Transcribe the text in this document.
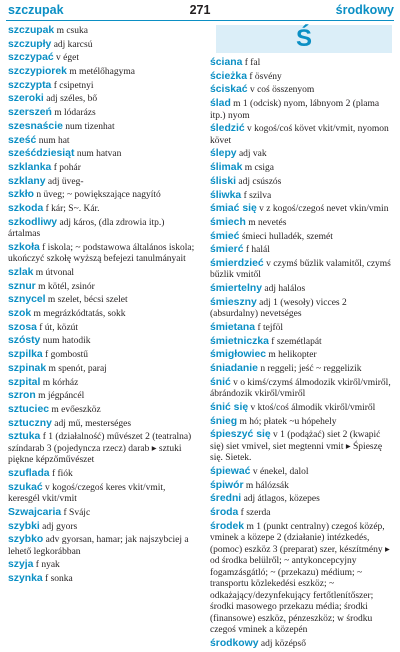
szczupak	271	środkowy
szczupak m csuka
szczupły adj karcsú
szczypać v éget
szczypiorek m metélőhagyma
szczypta f csipetnyi
szeroki adj széles, bő
szerszeń m lódarázs
szesnaście num tizenhat
sześć num hat
sześćdziesiąt num hatvan
szklanka f pohár
szklany adj üveg-
szkło n üveg; ~ powiększające nagyító
szkoda f kár; S~. Kár.
szkodliwy adj káros, (dla zdrowia itp.) ártalmas
szkoła f iskola; ~ podstawowa általános iskola; ukończyć szkołę wyższą befejezi tanulmányait
szlak m útvonal
sznur m kötél, zsinór
sznycel m szelet, bécsi szelet
szok m megrázkódtatás, sokk
szosa f út, közút
szósty num hatodik
szpilka f gombostű
szpinak m spenót, paraj
szpital m kórház
szron m jégpáncél
sztuciec m evőeszköz
sztuczny adj mű, mesterséges
sztuka f 1 (działalność) művészet 2 (teatralna) színdarab 3 (pojedyncza rzecz) darab ▸ sztuki piękne képzőművészet
szuflada f fiók
szukać v kogoś/czegoś keres vkit/vmit, keresgél vkit/vmit
Szwajcaria f Svájc
szybki adj gyors
szybko adv gyorsan, hamar; jak najszybciej a lehető legkorábban
szyja f nyak
szynka f sonka
Ś
ściana f fal
ścieżka f ösvény
ściskać v coś összenyom
ślad m 1 (odcisk) nyom, lábnyom 2 (plama itp.) nyom
śledzić v kogoś/coś követ vkit/vmit, nyomon követ
ślepy adj vak
ślimak m csiga
śliski adj csúszós
śliwka f szilva
śmiać się v z kogoś/czegoś nevet vkin/vmin
śmiech m nevetés
śmieć śmieci hulladék, szemét
śmierć f halál
śmierdzieć v czymś bűzlik valamitől, czymś bűzlik vmitől
śmiertelny adj halálos
śmieszny adj 1 (wesoły) vicces 2 (absurdalny) nevetséges
śmietana f tejföl
śmietniczka f szemétlapát
śmigłowiec m helikopter
śniadanie n reggeli; jeść ~ reggelizik
śnić v o kimś/czymś álmodozik vkiről/vmiről, ábrándozik vkiről/vmiről
śnić się v ktoś/coś álmodik vkiről/vmiről
śnieg m hó; płatek ~u hópehely
śpieszyć się v 1 (podążać) siet 2 (kwapić się) siet vmivel, siet megtenni vmit ▸ Śpieszę się. Sietek.
śpiewać v énekel, dalol
śpiwór m hálózsák
średni adj átlagos, közepes
środa f szerda
środek m 1 (punkt centralny) czegoś közép, vminek a közepe 2 (działanie) intézkedés, (pomoc) eszköz 3 (preparat) szer, készítmény ▸ od środka belülről; ~ antykoncepcyjny fogamzásgátló; ~ (przekazu) médium; ~ transportu közlekedési eszköz; ~ odkażający/dezynfekujący fertőtlenítőszer; środki masowego przekazu média; środki (finansowe) eszköz, pénzeszköz; w środku czegoś vminek a közepén
środkowy adj középső
